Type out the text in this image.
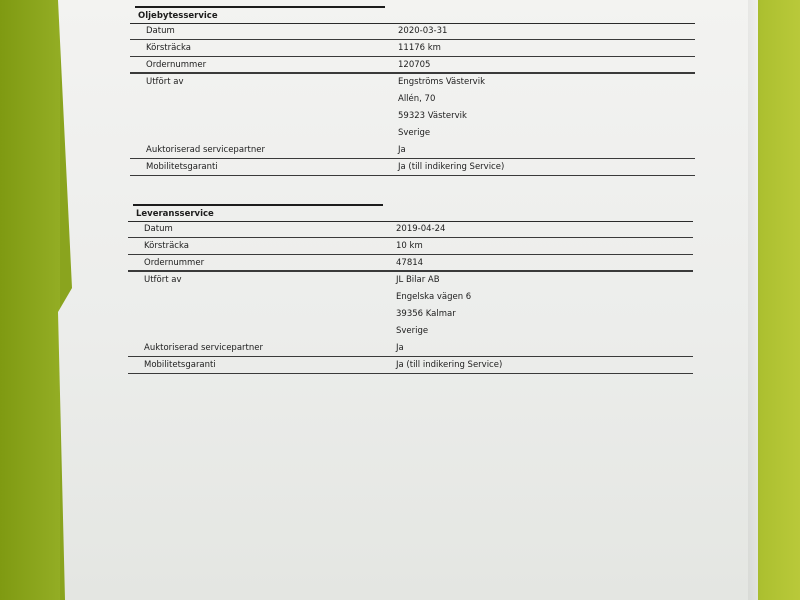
Oljebytesservice
Datum	2020-03-31
Körsträcka	11176 km
Ordernummer	120705
Utfört av	Engströms Västervik
Allén, 70
59323 Västervik
Sverige
Auktoriserad servicepartner	Ja
Mobilitetsgaranti	Ja (till indikering Service)
Leveransservice
Datum	2019-04-24
Körsträcka	10 km
Ordernummer	47814
Utfört av	JL Bilar AB
Engelska vägen 6
39356 Kalmar
Sverige
Auktoriserad servicepartner	Ja
Mobilitetsgaranti	Ja (till indikering Service)
